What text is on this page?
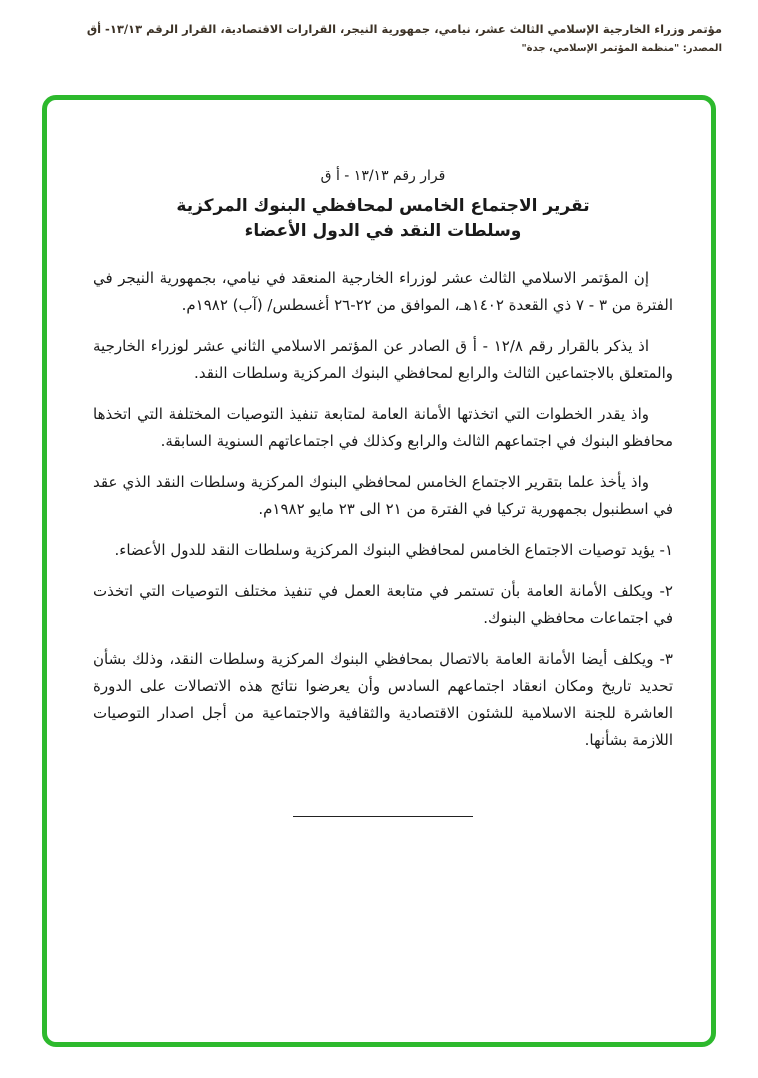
مؤتمر وزراء الخارجية الإسلامي الثالث عشر، نيامي، جمهورية النيجر، القرارات الاقتصادية، القرار الرقم ١٣/١٣- أق
المصدر: "منظمة المؤتمر الإسلامي، جدة"
قرار رقم ١٣/١٣ - أ ق
تقرير الاجتماع الخامس لمحافظي البنوك المركزية
وسلطات النقد في الدول الأعضاء

إن المؤتمر الاسلامي الثالث عشر لوزراء الخارجية المنعقد في نيامي، بجمهورية النيجر في الفترة من ٣ - ٧ ذي القعدة ١٤٠٢هـ، الموافق من ٢٢-٢٦ أغسطس/ (آب) ١٩٨٢م.

اذ يذكر بالقرار رقم ١٢/٨ - أ ق الصادر عن المؤتمر الاسلامي الثاني عشر لوزراء الخارجية والمتعلق بالاجتماعين الثالث والرابع لمحافظي البنوك المركزية وسلطات النقد.

واذ يقدر الخطوات التي اتخذتها الأمانة العامة لمتابعة تنفيذ التوصيات المختلفة التي اتخذها محافظو البنوك في اجتماعهم الثالث والرابع وكذلك في اجتماعاتهم السنوية السابقة.

واذ يأخذ علما بتقرير الاجتماع الخامس لمحافظي البنوك المركزية وسلطات النقد الذي عقد في اسطنبول بجمهورية تركيا في الفترة من ٢١ الى ٢٣ مايو ١٩٨٢م.

١- يؤيد توصيات الاجتماع الخامس لمحافظي البنوك المركزية وسلطات النقد للدول الأعضاء.

٢- ويكلف الأمانة العامة بأن تستمر في متابعة العمل في تنفيذ مختلف التوصيات التي اتخذت في اجتماعات محافظي البنوك.

٣- ويكلف أيضا الأمانة العامة بالاتصال بمحافظي البنوك المركزية وسلطات النقد، وذلك بشأن تحديد تاريخ ومكان انعقاد اجتماعهم السادس وأن يعرضوا نتائج هذه الاتصالات على الدورة العاشرة للجنة الاسلامية للشئون الاقتصادية والثقافية والاجتماعية من أجل اصدار التوصيات اللازمة بشأنها.
